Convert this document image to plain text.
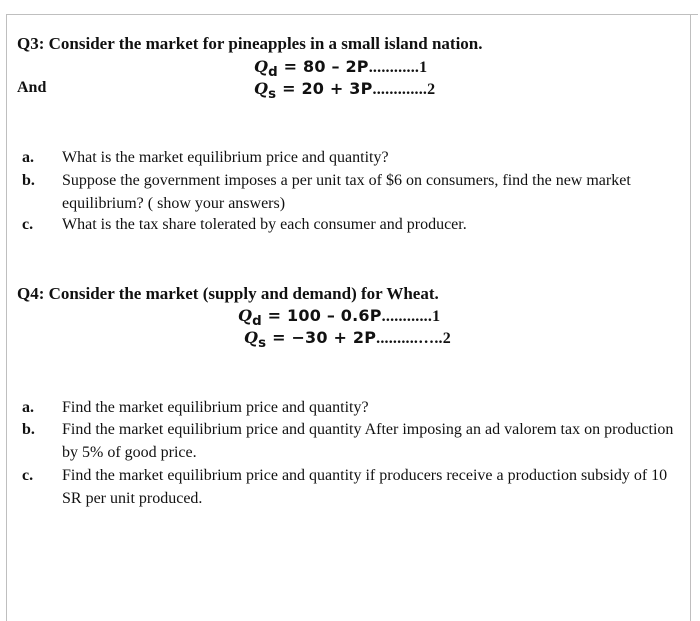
Q3: Consider the market for pineapples in a small island nation.
$Q_d = 80 - 2P............1$
And	$Q_s = 20 + 3P.............2$
a.	What is the market equilibrium price and quantity?
b.	Suppose the government imposes a per unit tax of $6 on consumers, find the new market equilibrium? ( show your answers)
c.	What is the tax share tolerated by each consumer and producer.
Q4: Consider the market (supply and demand) for Wheat.
$Q_d = 100 - 0.6P............1$
$Q_s = -30$ + 2P..........…..2
a.	Find the market equilibrium price and quantity?
b.	Find the market equilibrium price and quantity After imposing an ad valorem tax on production by 5% of good price.
c.	Find the market equilibrium price and quantity if producers receive a production subsidy of 10 SR per unit produced.
